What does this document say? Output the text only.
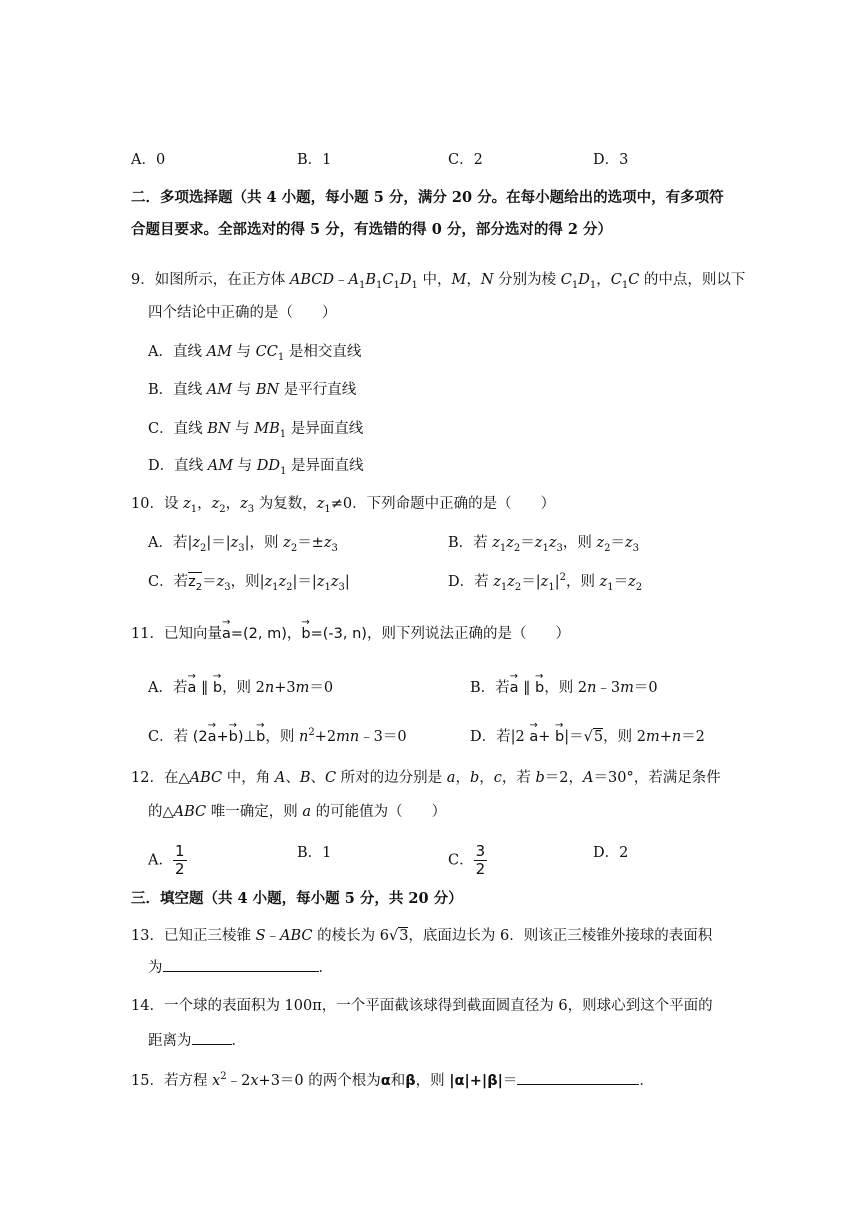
A．0	B．1	C．2	D．3
二．多项选择题（共 4 小题，每小题 5 分，满分 20 分。在每小题给出的选项中，有多项符
合题目要求。全部选对的得 5 分，有选错的得 0 分，部分选对的得 2 分）
9．如图所示，在正方体 $ABCD﹣A_1B_1C_1D_1$ 中，M，N 分别为棱 $C_1D_1$，$C_1C$ 的中点，则以下
四个结论中正确的是（　　）
A．直线 AM 与 $CC_1$ 是相交直线
B．直线 AM 与 BN 是平行直线
C．直线 BN 与 $MB_1$ 是异面直线
D．直线 AM 与 $DD_1$ 是异面直线
10．设 $z_1$，$z_2$，$z_3$ 为复数，$z_1\ne 0$．下列命题中正确的是（　　）
A．若$|z_2|=|z_3|$，则 $z_2=\pm z_3$	B．若 $z_1z_2=z_1z_3$，则 $z_2=z_3$
C．若$z_2=z_3$，则$|z_1z_2|=|z_1z_3|$	D．若 $z_1z_2=|z_1|^2$，则 $z_1=z_2$
11．已知向量→ a=(2, m)，→ b=(-3, n)，则下列说法正确的是（　　）
A．若→ a ∥ → b，则 2n+3m＝0	B．若→ a ∥ → b，则 2n﹣3m＝0
C．若 (2→ a+→ b)⊥→ b，则 $n^2+2mn﹣3=0$	D．若|2 → a+ → b|＝√5，则 2m+n＝2
12．在△ABC 中，角 A、B、C 所对的边分别是 a，b，c，若 b＝2，A＝30°，若满足条件
的△ABC 唯一确定，则 a 的可能值为（　　）
A． $\frac{1}{2}$	B．1	C． $\frac{3}{2}$	D．2
三．填空题（共 4 小题，每小题 5 分，共 20 分）
13．已知正三棱锥 S﹣ABC 的棱长为 6√3，底面边长为 6．则该正三棱锥外接球的表面积
为	．
14．一个球的表面积为 100π，一个平面截该球得到截面圆直径为 6，则球心到这个平面的
距离为	．
15．若方程 $x^2﹣2x+3=0$ 的两个根为α和β，则 |α|+|β|＝	．
